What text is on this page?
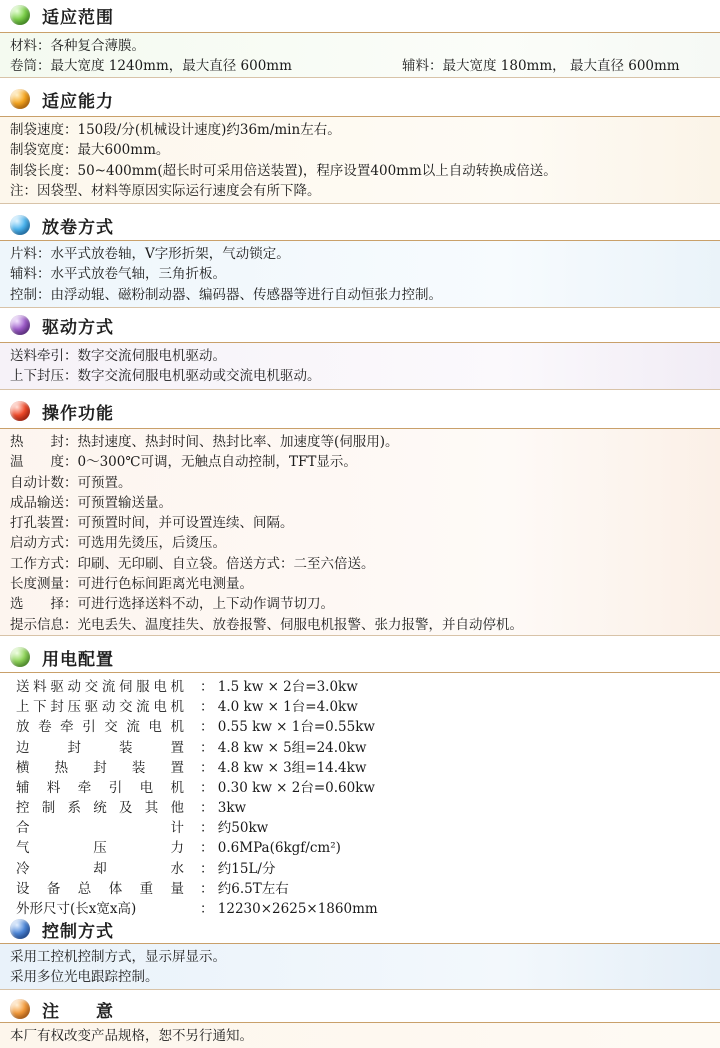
适应范围

材料：各种复合薄膜。

卷筒：最大宽度 1240mm，最大直径 600mm	辅料：最大宽度 180mm， 最大直径 600mm

适应能力

制袋速度：150段/分(机械设计速度)约36m/min左右。

制袋宽度：最大600mm。

制袋长度：50~400mm(超长时可采用倍送装置)，程序设置400mm以上自动转换成倍送。

注：因袋型、材料等原因实际运行速度会有所下降。

放卷方式

片料：水平式放卷轴，V字形折架，气动锁定。

辅料：水平式放卷气轴，三角折板。

控制：由浮动辊、磁粉制动器、编码器、传感器等进行自动恒张力控制。

驱动方式

送料牵引：数字交流伺服电机驱动。

上下封压：数字交流伺服电机驱动或交流电机驱动。

操作功能

热　　封：热封速度、热封时间、热封比率、加速度等(伺服用)。

温　　度：0～300℃可调，无触点自动控制，TFT显示。

自动计数：可预置。

成品输送：可预置输送量。

打孔装置：可预置时间，并可设置连续、间隔。

启动方式：可选用先烫压，后烫压。

工作方式：印刷、无印刷、自立袋。倍送方式：二至六倍送。

长度测量：可进行色标间距离光电测量。

选　　择：可进行选择送料不动，上下动作调节切刀。

提示信息：光电丢失、温度挂失、放卷报警、伺服电机报警、张力报警，并自动停机。

用电配置
送料驱动交流伺服电机 ： 1.5 kw × 2台=3.0kw
上下封压驱动交流电机 ： 4.0 kw × 1台=4.0kw
放卷牵引交流电机 ： 0.55 kw × 1台=0.55kw
边封装置 ： 4.8 kw × 5组=24.0kw
横热封装置 ： 4.8 kw × 3组=14.4kw
辅料牵引电机 ： 0.30 kw × 2台=0.60kw
控制系统及其他 ： 3kw
合计 ： 约50kw
气压力 ： 0.6MPa(6kgf/cm²)
冷却水 ： 约15L/分
设备总体重量 ： 约6.5T左右
外形尺寸(长x宽x高)	： 12230×2625×1860mm
控制方式

采用工控机控制方式，显示屏显示。

采用多位光电跟踪控制。

注　　意

本厂有权改变产品规格，恕不另行通知。
